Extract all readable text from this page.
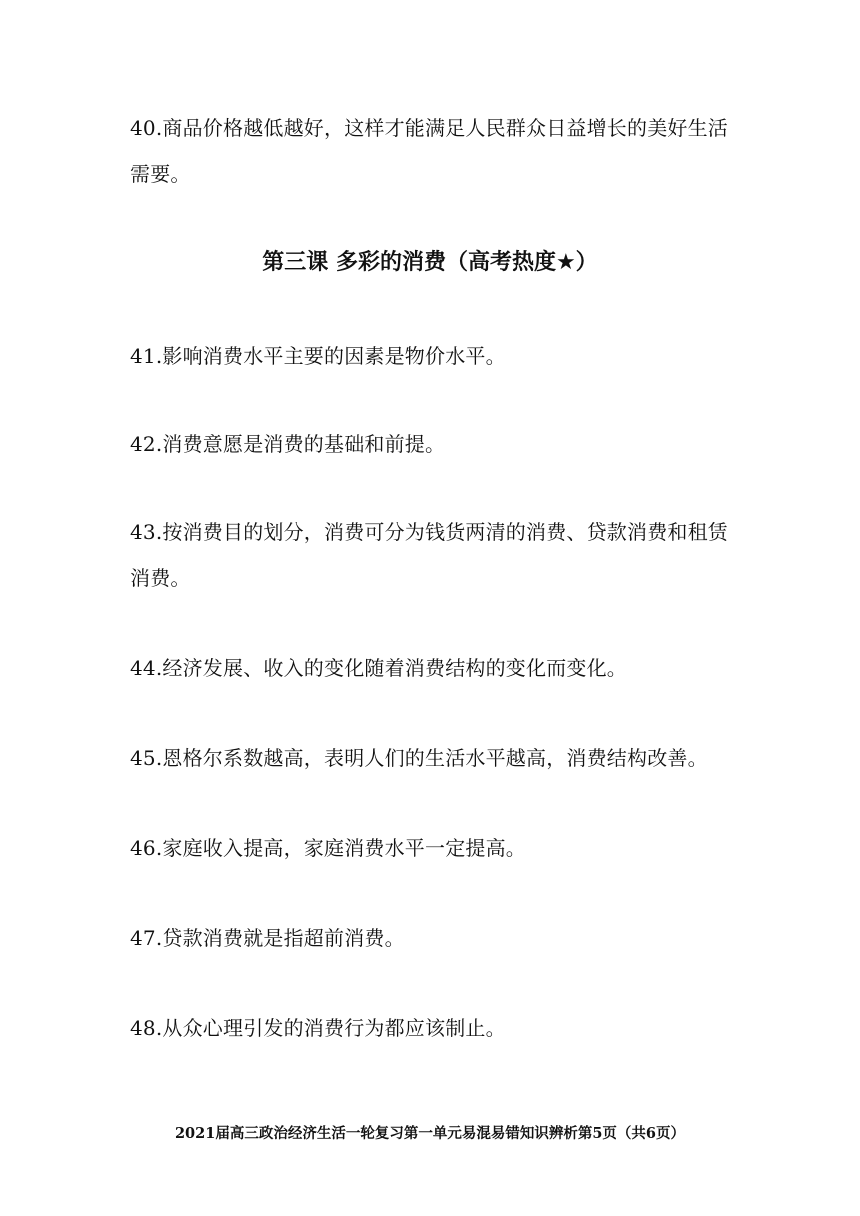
40.商品价格越低越好，这样才能满足人民群众日益增长的美好生活需要。

第三课 多彩的消费（高考热度★）

41.影响消费水平主要的因素是物价水平。

42.消费意愿是消费的基础和前提。

43.按消费目的划分，消费可分为钱货两清的消费、贷款消费和租赁消费。

44.经济发展、收入的变化随着消费结构的变化而变化。

45.恩格尔系数越高，表明人们的生活水平越高，消费结构改善。

46.家庭收入提高，家庭消费水平一定提高。

47.贷款消费就是指超前消费。

48.从众心理引发的消费行为都应该制止。

2021届高三政治经济生活一轮复习第一单元易混易错知识辨析第5页（共6页）
